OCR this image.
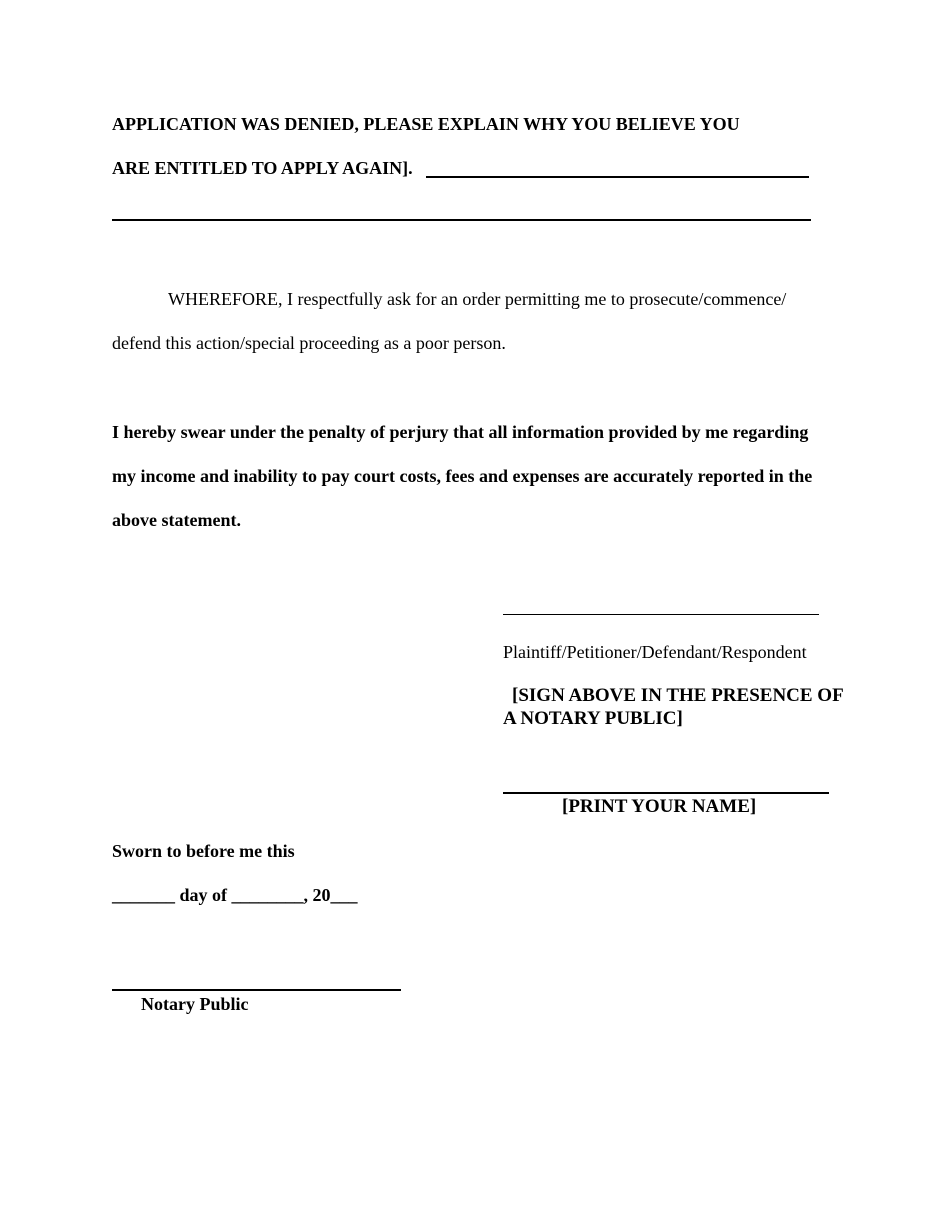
APPLICATION WAS DENIED, PLEASE EXPLAIN WHY YOU BELIEVE YOU
ARE ENTITLED TO APPLY AGAIN].
WHEREFORE, I respectfully ask for an order permitting me to prosecute/commence/
defend this action/special proceeding as a poor person.
I hereby swear under the penalty of perjury that all information provided by me regarding
my income and inability to pay court costs, fees and expenses are accurately reported in the
above statement.
Plaintiff/Petitioner/Defendant/Respondent
[SIGN ABOVE IN THE PRESENCE OF
A NOTARY PUBLIC]
[PRINT YOUR NAME]
Sworn to before me this
_______ day of ________, 20___
Notary Public
